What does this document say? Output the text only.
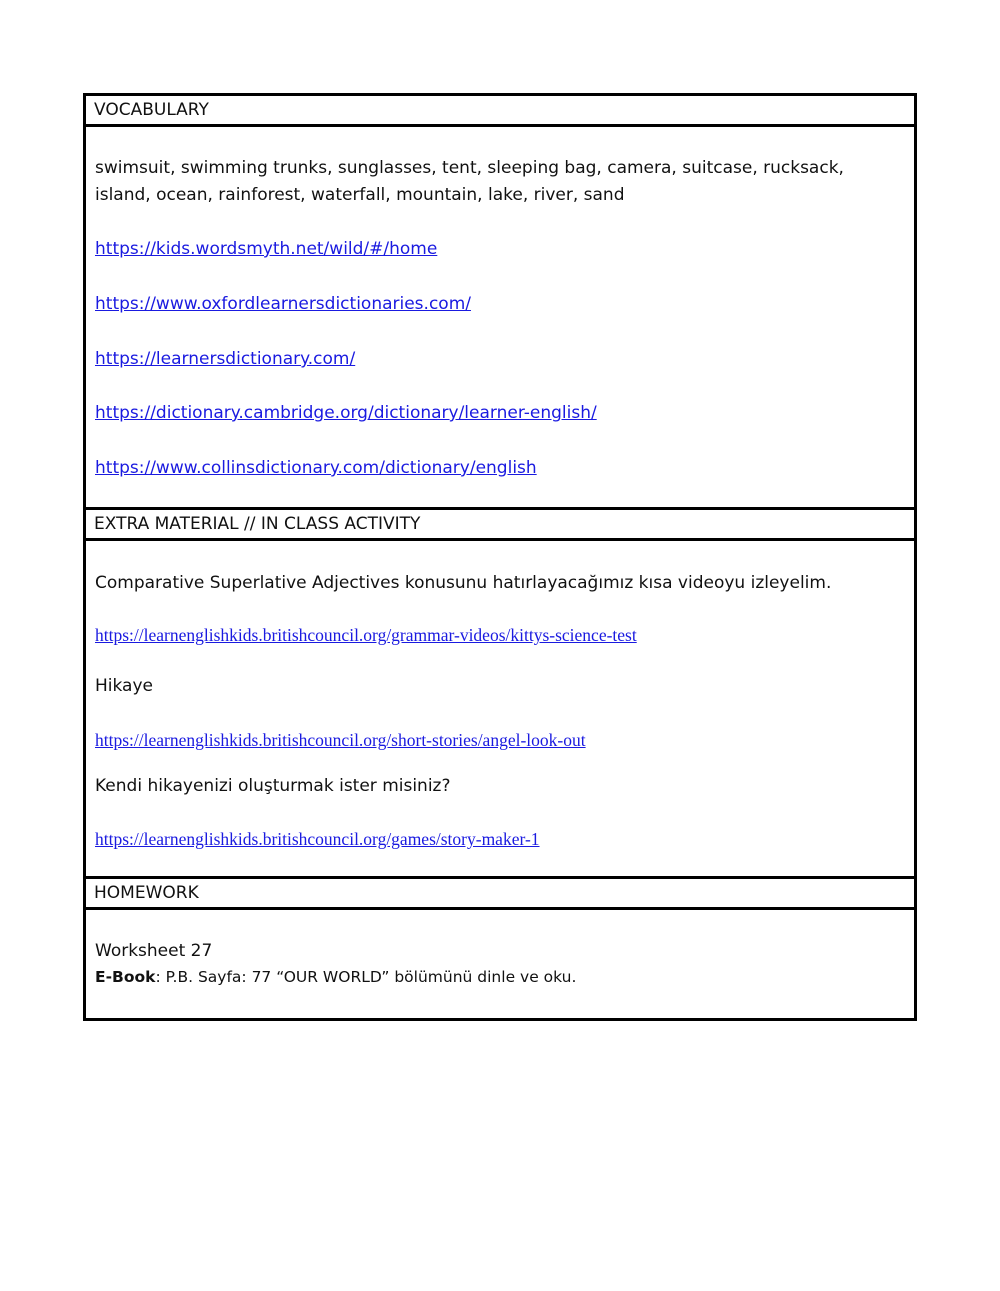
VOCABULARY
swimsuit, swimming trunks, sunglasses, tent, sleeping bag, camera, suitcase, rucksack,
island, ocean, rainforest, waterfall, mountain, lake, river, sand
https://kids.wordsmyth.net/wild/#/home
https://www.oxfordlearnersdictionaries.com/
https://learnersdictionary.com/
https://dictionary.cambridge.org/dictionary/learner-english/
https://www.collinsdictionary.com/dictionary/english
EXTRA MATERIAL // IN CLASS ACTIVITY
Comparative Superlative Adjectives konusunu hatırlayacağımız kısa videoyu izleyelim.
https://learnenglishkids.britishcouncil.org/grammar-videos/kittys-science-test
Hikaye
https://learnenglishkids.britishcouncil.org/short-stories/angel-look-out
Kendi hikayenizi oluşturmak ister misiniz?
https://learnenglishkids.britishcouncil.org/games/story-maker-1
HOMEWORK
Worksheet 27
E-Book: P.B. Sayfa: 77 “OUR WORLD” bölümünü dinle ve oku.
